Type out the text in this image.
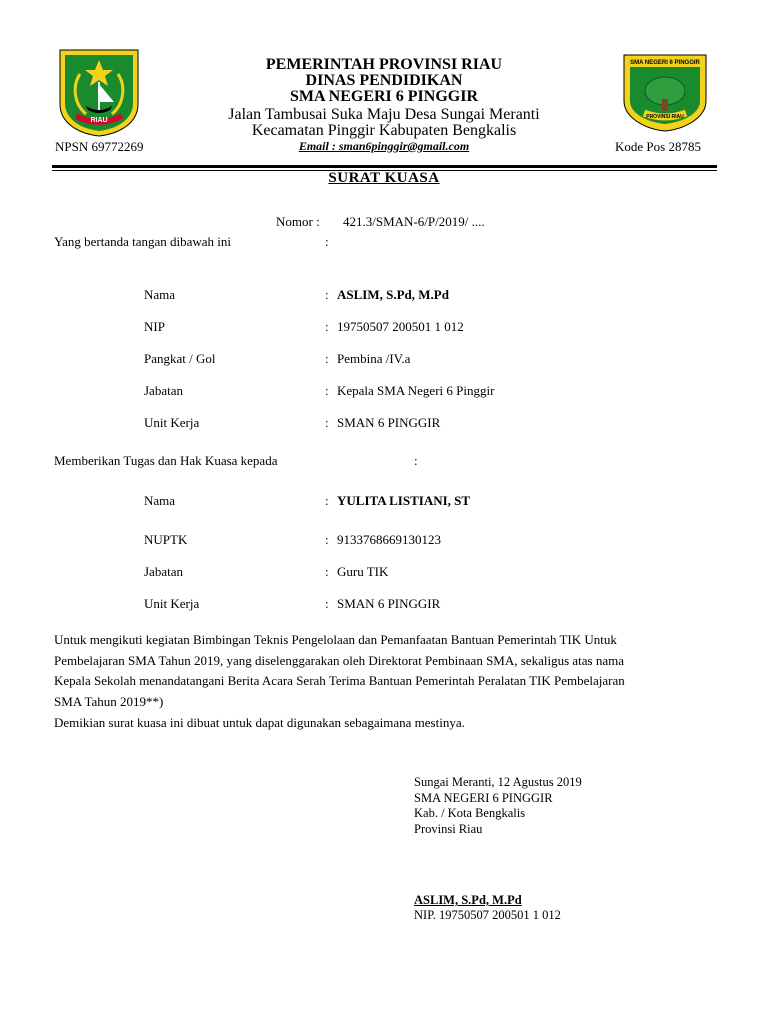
RIAU
SMA NEGERI 6 PINGGIR
PROVINSI RIAU
PEMERINTAH PROVINSI RIAU
DINAS PENDIDIKAN
SMA NEGERI 6 PINGGIR
Jalan Tambusai Suka Maju Desa Sungai Meranti
Kecamatan Pinggir Kabupaten Bengkalis
NPSN 69772269	Email : sman6pinggir@gmail.com	Kode Pos 28785
SURAT KUASA
Nomor : 421.3/SMAN-6/P/2019/ ....
Yang bertanda tangan dibawah ini	:
Nama	: ASLIM, S.Pd, M.Pd
NIP	: 19750507 200501 1 012
Pangkat / Gol	: Pembina /IV.a
Jabatan	: Kepala SMA Negeri 6 Pinggir
Unit Kerja	: SMAN 6 PINGGIR
Memberikan Tugas dan Hak Kuasa kepada	:
Nama	: YULITA LISTIANI, ST
NUPTK	: 9133768669130123
Jabatan	: Guru TIK
Unit Kerja	: SMAN 6 PINGGIR
Untuk mengikuti kegiatan Bimbingan Teknis Pengelolaan dan Pemanfaatan Bantuan Pemerintah TIK Untuk
Pembelajaran SMA Tahun 2019, yang diselenggarakan oleh Direktorat Pembinaan SMA, sekaligus atas nama
Kepala Sekolah menandatangani Berita Acara Serah Terima Bantuan Pemerintah Peralatan TIK Pembelajaran
SMA Tahun 2019**)
Demikian surat kuasa ini dibuat untuk dapat digunakan sebagaimana mestinya.
Sungai Meranti, 12 Agustus 2019
SMA NEGERI 6 PINGGIR
Kab. / Kota Bengkalis
Provinsi Riau
ASLIM, S.Pd, M.Pd
NIP. 19750507 200501 1 012
